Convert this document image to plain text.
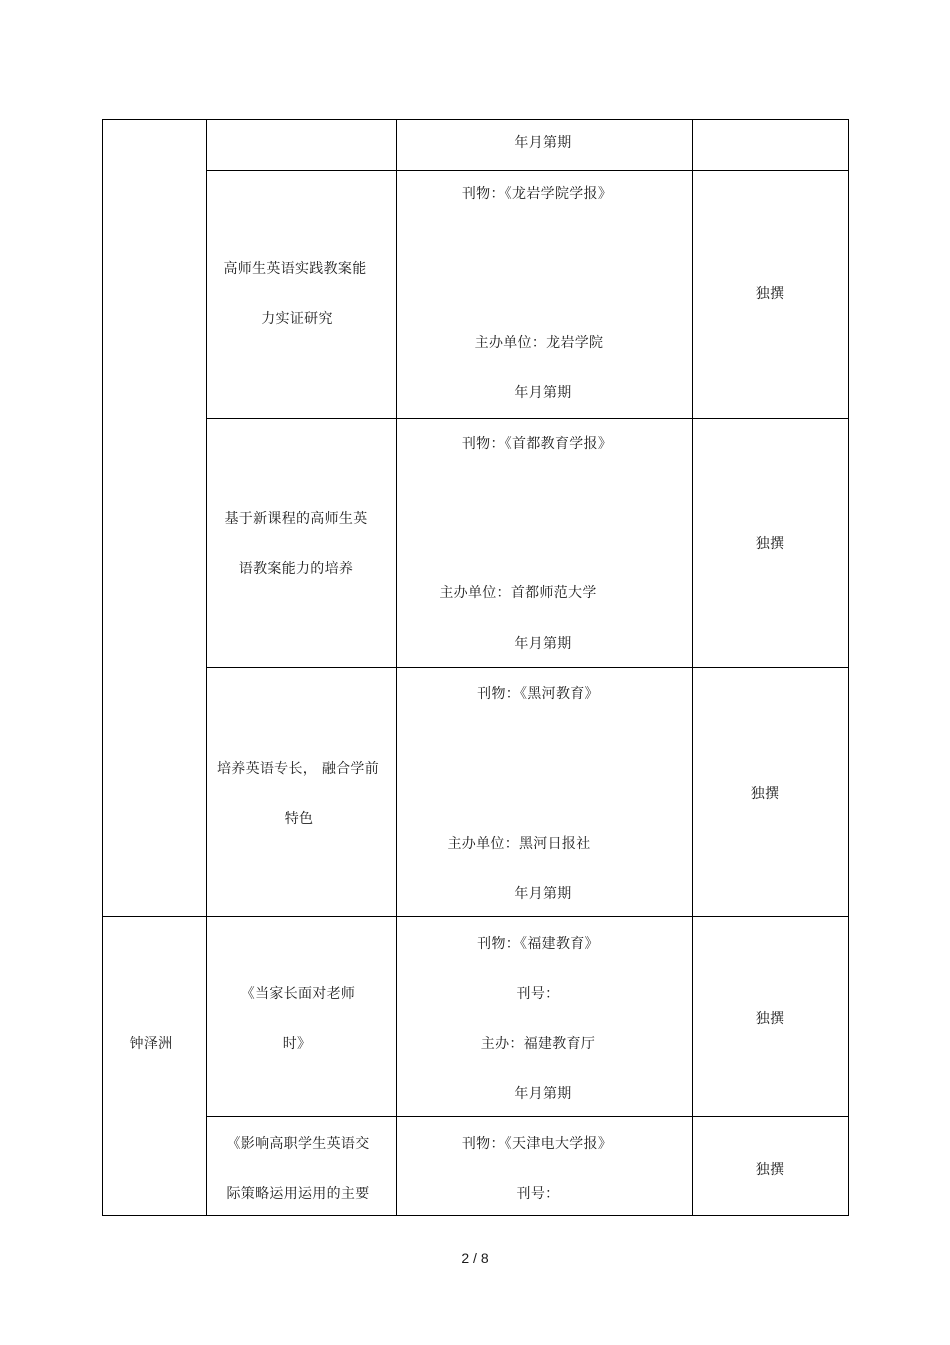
年月第期
高师生英语实践教案能
力实证研究
刊物：《龙岩学院学报》
主办单位：龙岩学院
年月第期
独撰
基于新课程的高师生英
语教案能力的培养
刊物：《首都教育学报》
主办单位：首都师范大学
年月第期
独撰
培养英语专长， 融合学前
特色
刊物：《黑河教育》
主办单位：黑河日报社
年月第期
独撰
钟泽洲
《当家长面对老师
时》
刊物：《福建教育》
刊号：
主办：福建教育厅
年月第期
独撰
《影响高职学生英语交
际策略运用运用的主要
刊物：《天津电大学报》
刊号：
独撰
2 / 8
